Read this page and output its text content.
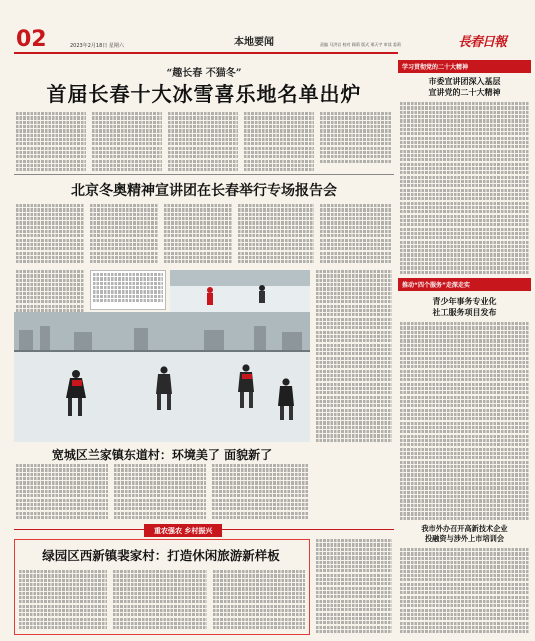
02	2023年2月18日 星期六	本地要闻	责编 马洪岩 校对 顾莉 版式 邢天宇 审读 姜莉	長春日報
“趣长春 不猫冬”
首届长春十大冰雪喜乐地名单出炉
北京冬奥精神宣讲团在长春举行专场报告会
宽城区兰家镇东道村：环境美了 面貌新了
重农强农 乡村振兴
绿园区西新镇裴家村：打造休闲旅游新样板
学习贯彻党的二十大精神
市委宣讲团深入基层
宣讲党的二十大精神
推动“四个服务”走深走实
青少年事务专业化
社工服务项目发布
我市外办召开高新技术企业
投融资与涉外上市培训会
